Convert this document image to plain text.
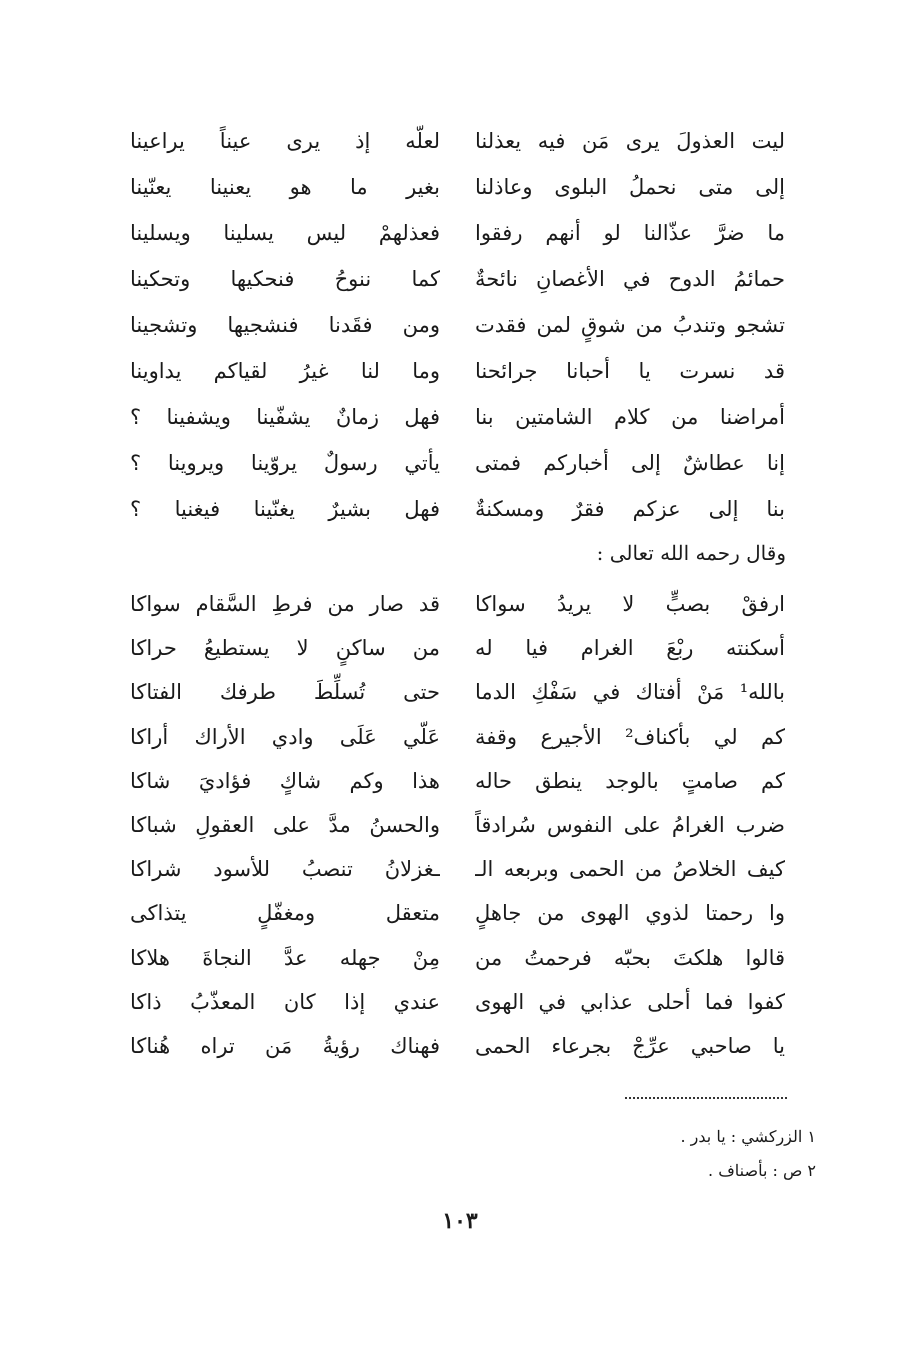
ليت العذولَ يرى مَن فيه يعذلنا
لعلّه إذ يرى عيناً يراعينا
إلى متى نحملُ البلوى وعاذلنا
بغير ما هو يعنينا يعنّينا
ما ضرَّ عذّالنا لو أنهم رفقوا
فعذلهمْ ليس يسلينا ويسلينا
حمائمُ الدوح في الأغصانِ نائحةٌ
كما ننوحُ فنحكيها وتحكينا
تشجو وتندبُ من شوقٍ لمن فقدت
ومن فقَدنا فنشجيها وتشجينا
قد نسرت يا أحبانا جرائحنا
وما لنا غيرُ لقياكم يداوينا
أمراضنا من كلام الشامتين بنا
فهل زمانٌ يشفّينا ويشفينا ؟
إنا عطاشٌ إلى أخباركم فمتى
يأتي رسولٌ يروّينا ويروينا ؟
بنا إلى عزكم فقرٌ ومسكنةٌ
فهل بشيرٌ يغنّينا فيغنيا ؟
وقال رحمه الله تعالى :
ارفقْ بصبٍّ لا يريدُ سواكا
قد صار من فرطِ السَّقام سواكا
أسكنته ربْعَ الغرام فيا له
من ساكنٍ لا يستطيعُ حراكا
بالله¹ مَنْ أفتاك في سَفْكِ الدما
حتى تُسلِّطَ طرفك الفتاكا
كم لي بأكناف² الأجيرع وقفة
عَلّي عَلَى وادي الأراك أراكا
كم صامتٍ بالوجد ينطق حاله
هذا وكم شاكٍ فؤاديَ شاكا
ضرب الغرامُ على النفوس سُرادقاً
والحسنُ مدَّ على العقولِ شباكا
كيف الخلاصُ من الحمى وبربعه الـ
ـغزلانُ تنصبُ للأسود شراكا
وا رحمتا لذوي الهوى من جاهلٍ
متعقل ومغفّلٍ يتذاكى
قالوا هلكتَ بحبّه فرحمتُ من
مِنْ جهله عدَّ النجاةَ هلاكا
كفوا فما أحلى عذابي في الهوى
عندي إذا كان المعذّبُ ذاكا
يا صاحبي عرِّجْ بجرعاء الحمى
فهناك رؤيةُ مَن تراه هُناكا
١ الزركشي : يا بدر .
٢ ص : بأصناف .
١٠٣
